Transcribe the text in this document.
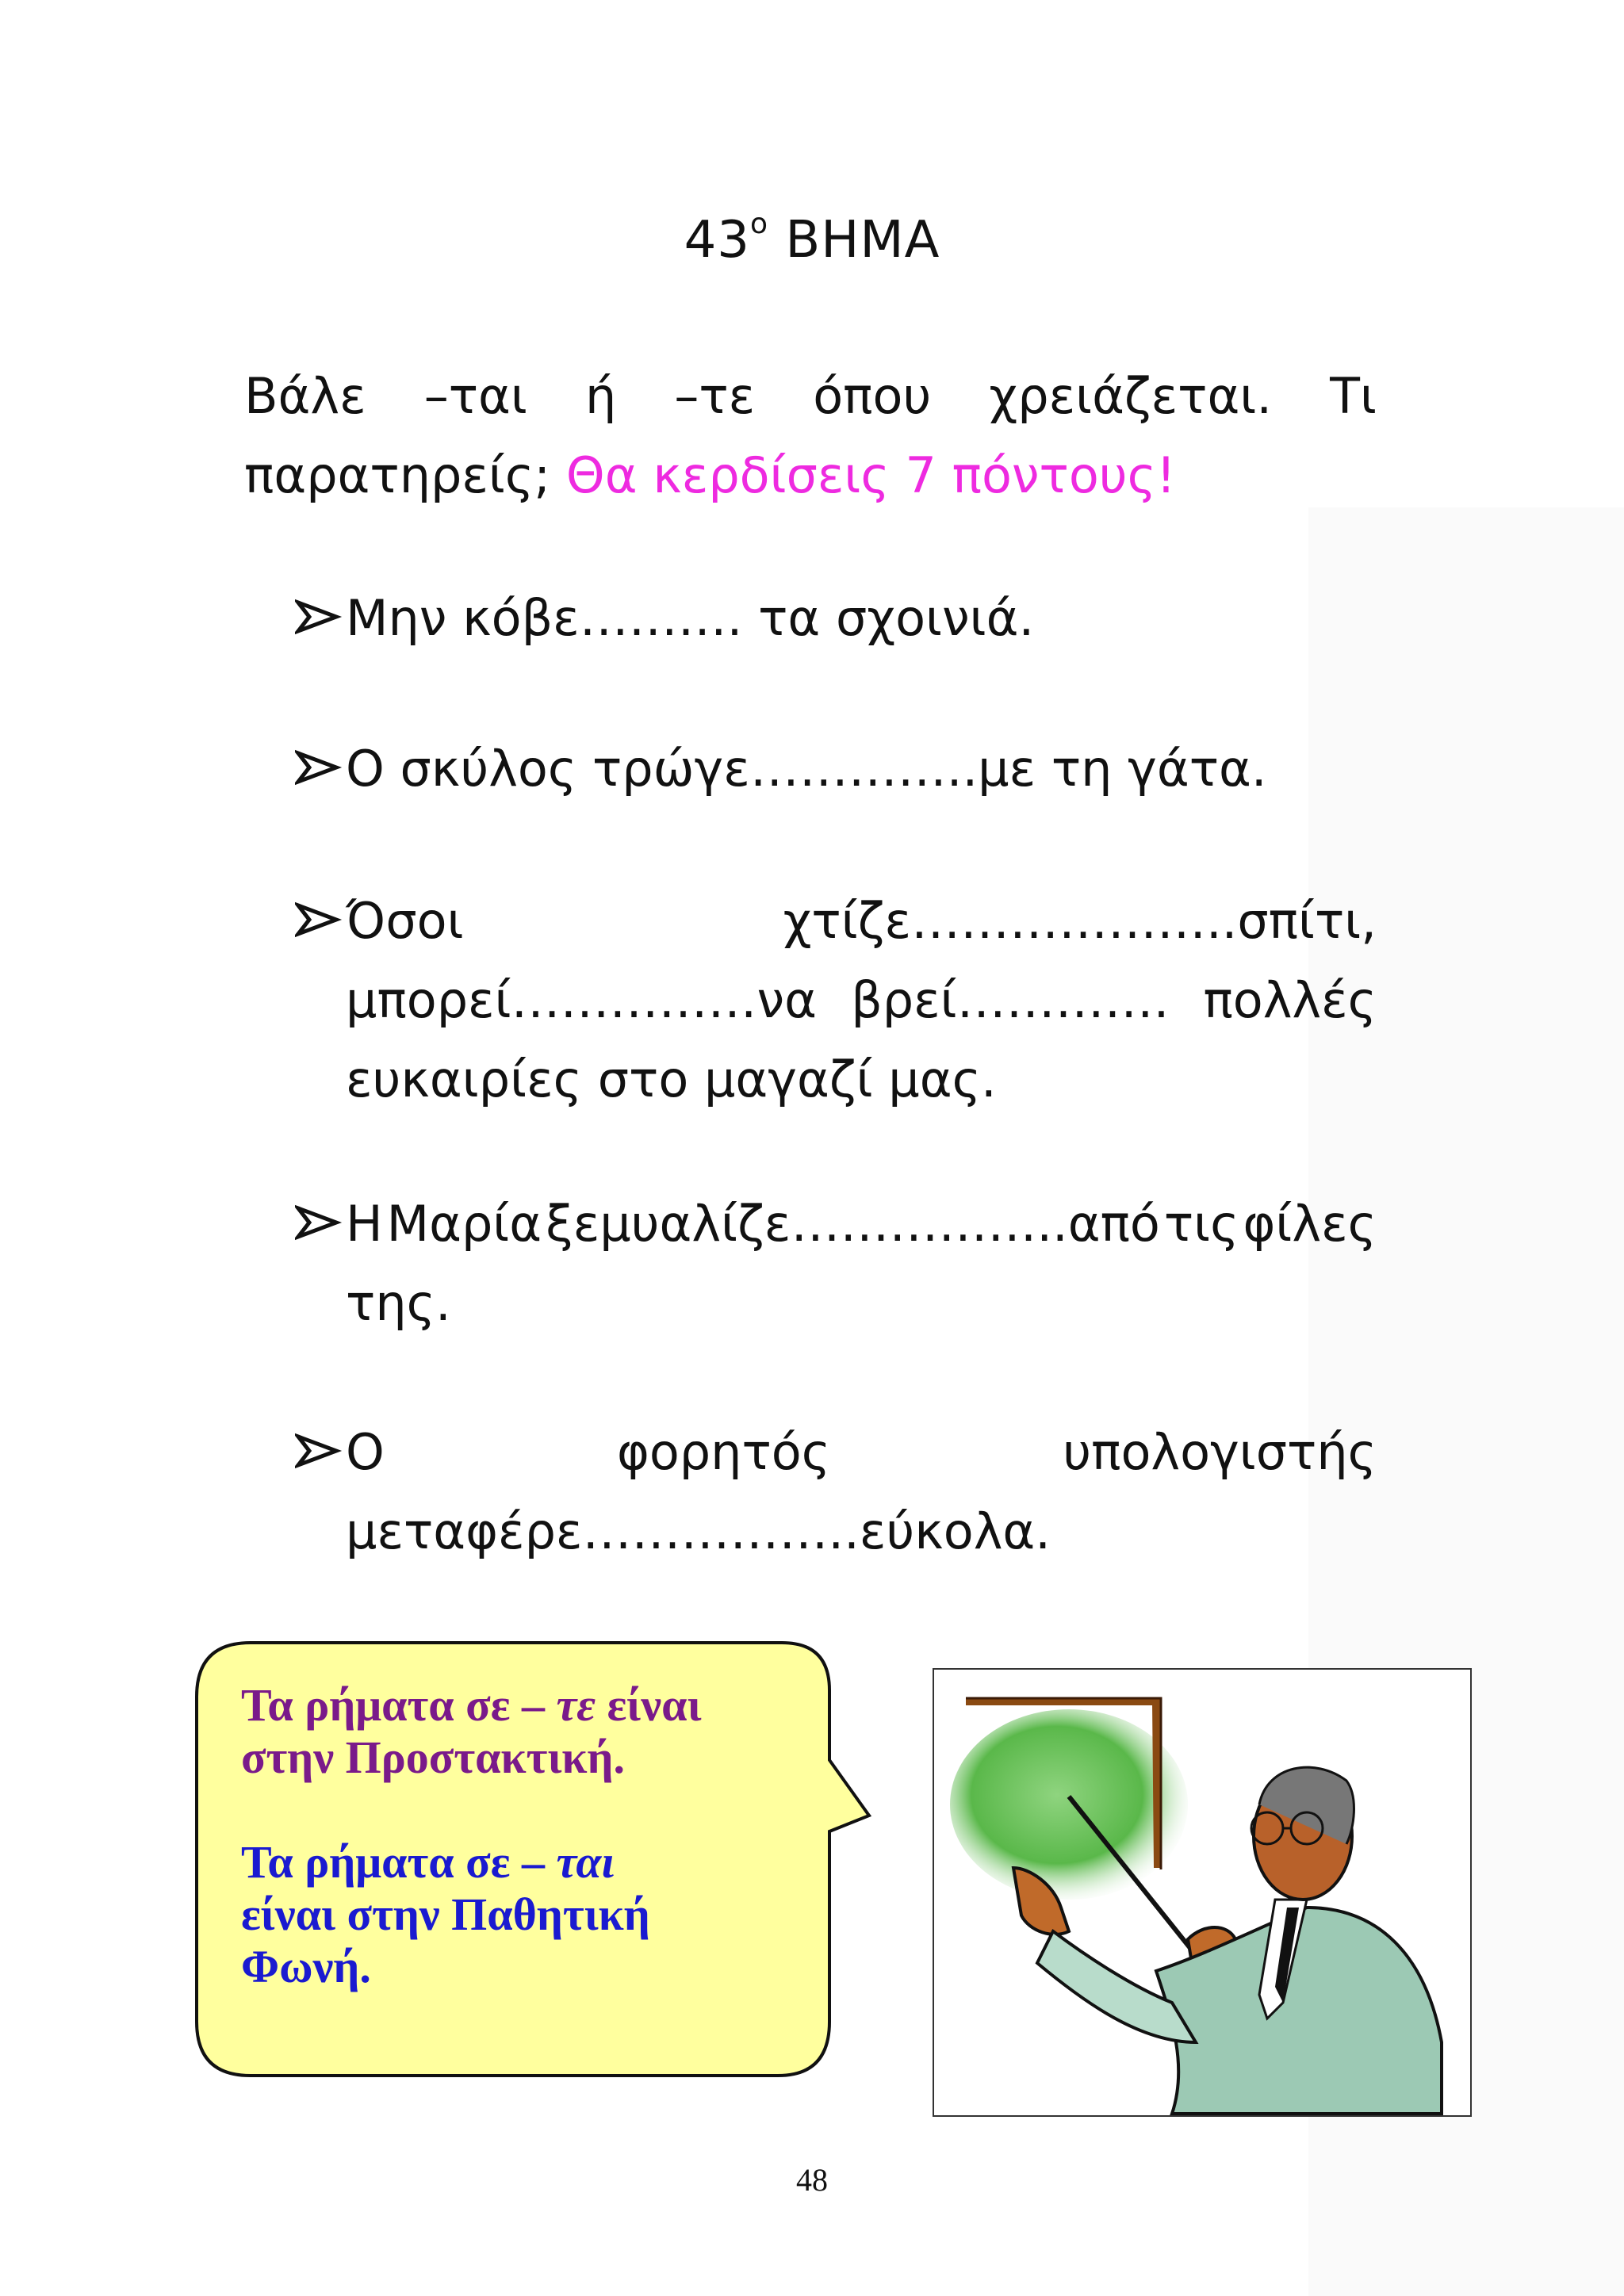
$43^o$ ΒΗΜΑ
Βάλε –ται ή –τε όπου χρειάζεται. Τι
παρατηρείς; Θα κερδίσεις 7 πόντους!
Μην κόβε………. τα σχοινιά.
Ο σκύλος τρώγε…………..με τη γάτα.
Όσοι	χτίζε………………..σπίτι,
μπορεί……………να βρεί…………. πολλές
ευκαιρίες στο μαγαζί μας.
Η Μαρία ξεμυαλίζε……………..από τις φίλες
της.
Ο	φορητός	υπολογιστής
μεταφέρε……………..εύκολα.
Τα ρήματα σε – τε είναι
στην Προστακτική.
Τα ρήματα σε – ται
είναι στην Παθητική
Φωνή.
48
